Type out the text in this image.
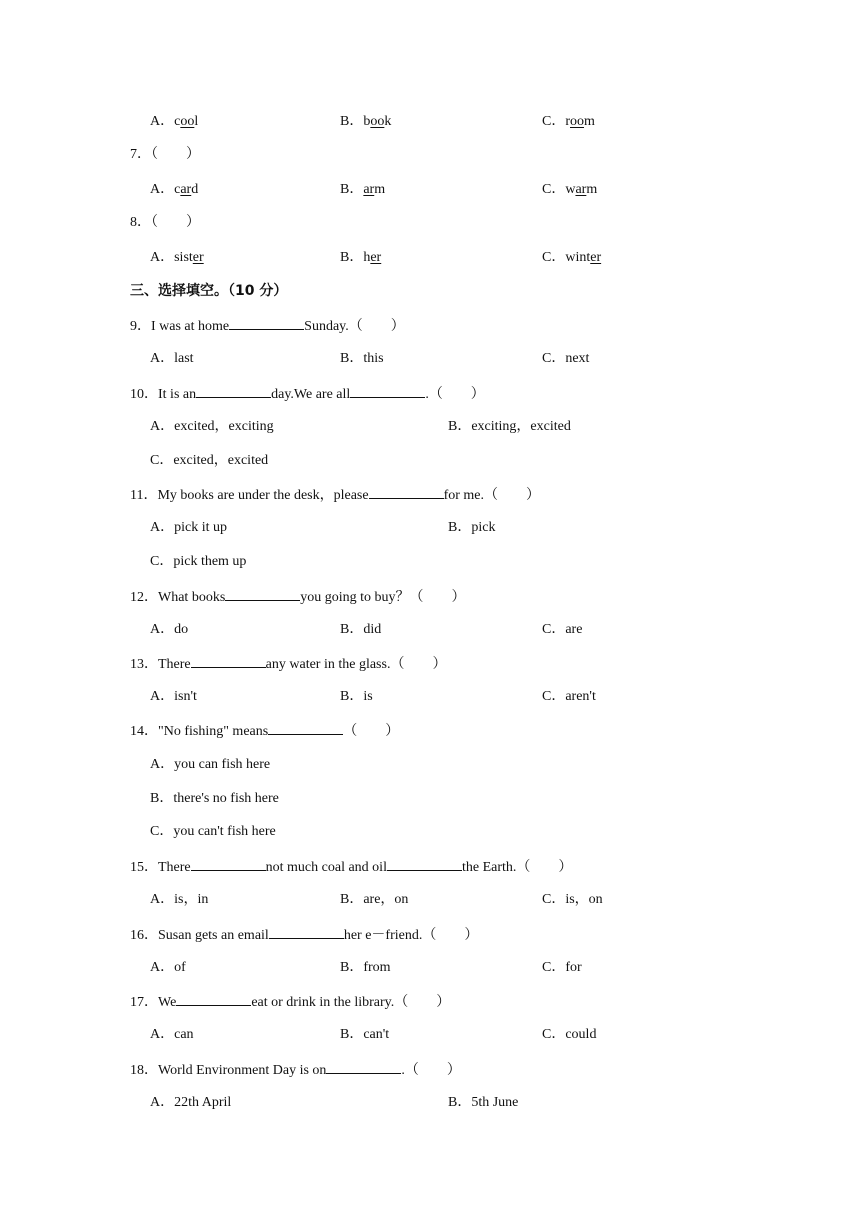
A．cool	B．book	C．room
7．（　　）
A．card	B．arm	C．warm
8．（　　）
A．sister	B．her	C．winter
三、选择填空。（10 分）
9．I was at home	Sunday.（　　）
A．last	B．this	C．next
10．It is an	day.We are all	.（　　）
A．excited，exciting	B．exciting，excited
C．excited，excited
11．My books are under the desk，please	for me.（　　）
A．pick it up	B．pick
C．pick them up
12．What books	you going to buy？（　　）
A．do	B．did	C．are
13．There	any water in the glass.（　　）
A．isn't	B．is	C．aren't
14．"No fishing" means	（　　）
A．you can fish here
B．there's no fish here
C．you can't fish here
15．There	not much coal and oil	the Earth.（　　）
A．is，in	B．are，on	C．is，on
16．Susan gets an email	her e－friend.（　　）
A．of	B．from	C．for
17．We	eat or drink in the library.（　　）
A．can	B．can't	C．could
18．World Environment Day is on	.（　　）
A．22th April	B．5th June
